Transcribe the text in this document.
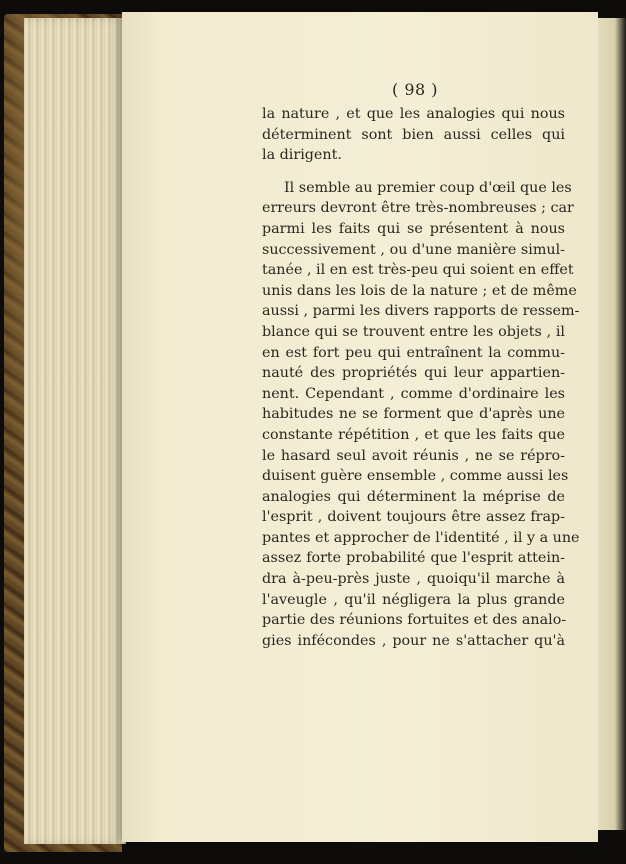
( 98 )
la nature , et que les analogies qui nous
déterminent sont bien aussi celles qui
la dirigent.
Il semble au premier coup d'œil que les
erreurs devront être très-nombreuses ; car
parmi les faits qui se présentent à nous
successivement , ou d'une manière simul-
tanée , il en est très-peu qui soient en effet
unis dans les lois de la nature ; et de même
aussi , parmi les divers rapports de ressem-
blance qui se trouvent entre les objets , il
en est fort peu qui entraînent la commu-
nauté des propriétés qui leur appartien-
nent. Cependant , comme d'ordinaire les
habitudes ne se forment que d'après une
constante répétition , et que les faits que
le hasard seul avoit réunis , ne se répro-
duisent guère ensemble , comme aussi les
analogies qui déterminent la méprise de
l'esprit , doivent toujours être assez frap-
pantes et approcher de l'identité , il y a une
assez forte probabilité que l'esprit attein-
dra à-peu-près juste , quoiqu'il marche à
l'aveugle , qu'il négligera la plus grande
partie des réunions fortuites et des analo-
gies infécondes , pour ne s'attacher qu'à
